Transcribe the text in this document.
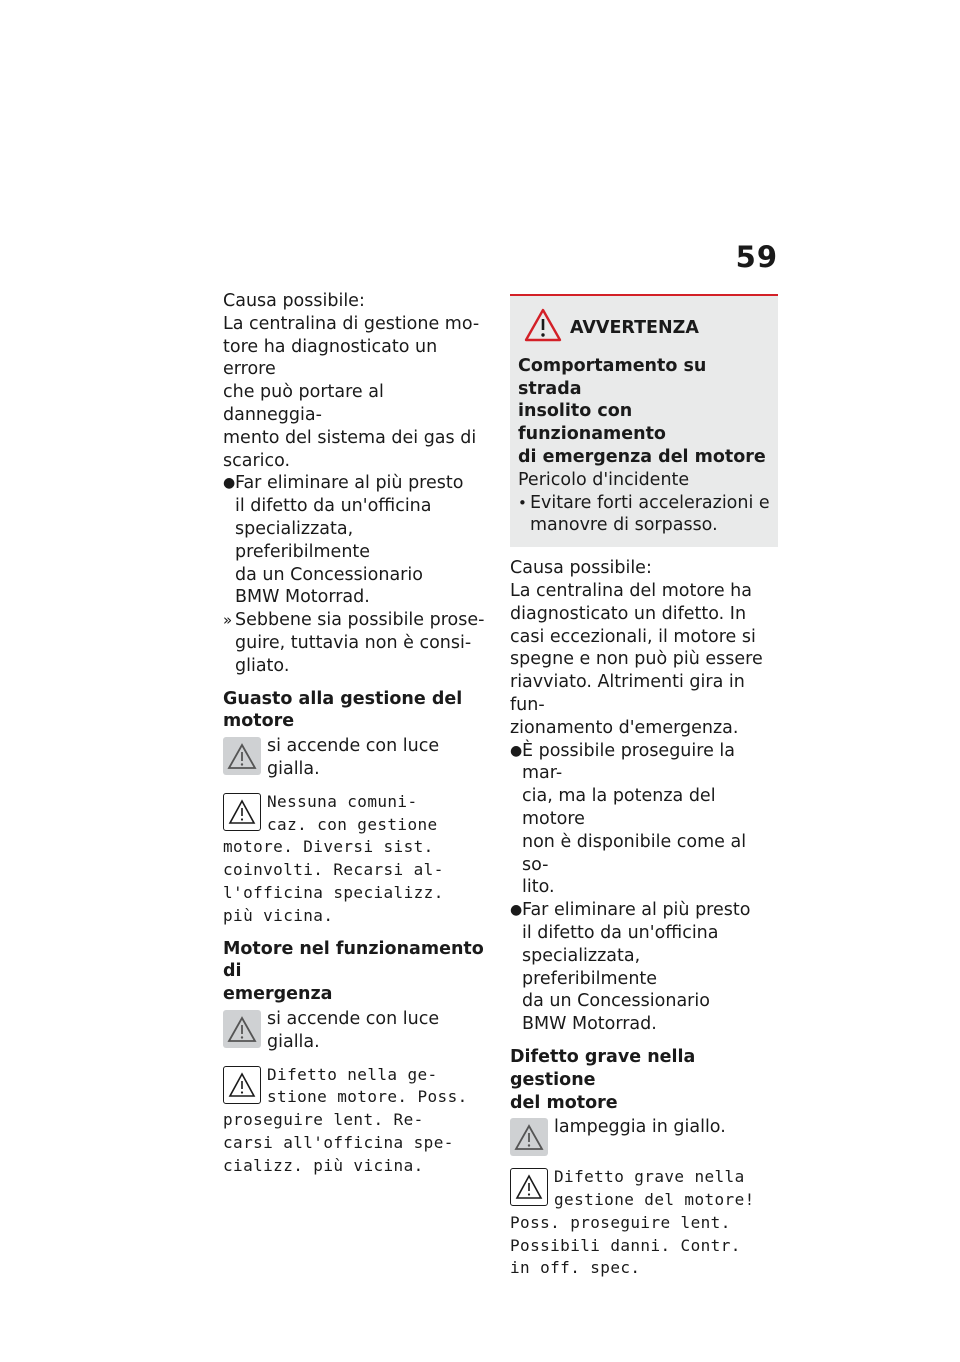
59

Causa possibile:

La centralina di gestione mo-

tore ha diagnosticato un errore

che può portare al danneggia-

mento del sistema dei gas di

scarico.

● Far eliminare al più presto

il difetto da un'officina

specializzata, preferibilmente

da un Concessionario

BMW Motorrad.

» Sebbene sia possibile prose-

guire, tuttavia non è consi-

gliato.

Guasto alla gestione del

motore

si accende con luce gialla.
Nessuna comuni-
caz. con gestione
motore. Diversi sist.
coinvolti. Recarsi al-
l'officina specializz.
più vicina.

Motore nel funzionamento di

emergenza

si accende con luce gialla.
Difetto nella ge-
stione motore. Poss.
proseguire lent. Re-
carsi all'officina spe-
cializz. più vicina.
AVVERTENZA

Comportamento su strada

insolito con funzionamento

di emergenza del motore

Pericolo d'incidente

• Evitare forti accelerazioni e

manovre di sorpasso.

Causa possibile:

La centralina del motore ha

diagnosticato un difetto. In

casi eccezionali, il motore si

spegne e non può più essere

riavviato. Altrimenti gira in fun-

zionamento d'emergenza.

● È possibile proseguire la mar-

cia, ma la potenza del motore

non è disponibile come al so-

lito.

● Far eliminare al più presto

il difetto da un'officina

specializzata, preferibilmente

da un Concessionario

BMW Motorrad.

Difetto grave nella gestione

del motore

lampeggia in giallo.
Difetto grave nella
gestione del motore!
Poss. proseguire lent.
Possibili danni. Contr.
in off. spec.
